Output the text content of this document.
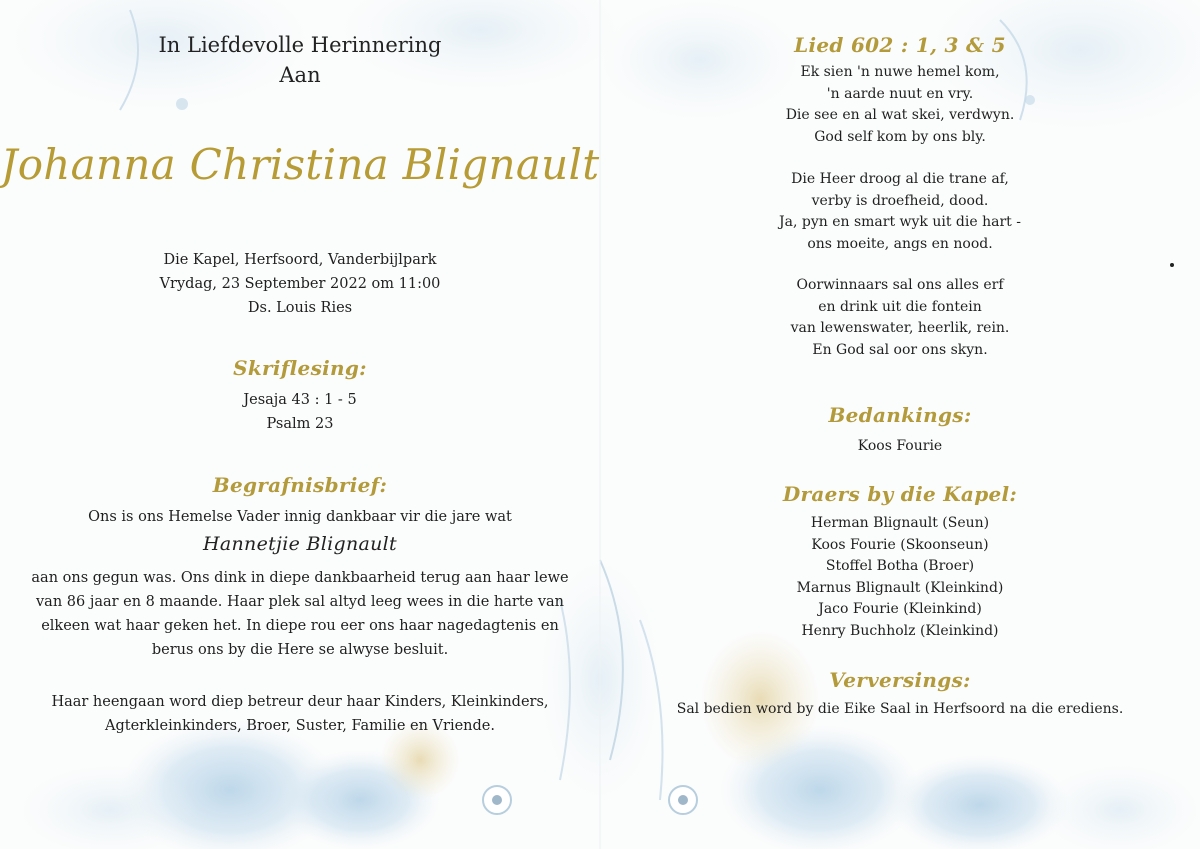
In Liefdevolle Herinnering
Aan
Johanna Christina Blignault
Die Kapel, Herfsoord, Vanderbijlpark
Vrydag, 23 September 2022 om 11:00
Ds. Louis Ries
Skriflesing:
Jesaja 43 : 1 - 5
Psalm 23
Begrafnisbrief:
Ons is ons Hemelse Vader innig dankbaar vir die jare wat
Hannetjie Blignault
aan ons gegun was. Ons dink in diepe dankbaarheid terug aan haar lewe
van 86 jaar en 8 maande. Haar plek sal altyd leeg wees in die harte van
elkeen wat haar geken het. In diepe rou eer ons haar nagedagtenis en
berus ons by die Here se alwyse besluit.
Haar heengaan word diep betreur deur haar Kinders, Kleinkinders,
Agterkleinkinders, Broer, Suster, Familie en Vriende.
Lied 602 : 1, 3 & 5
Ek sien 'n nuwe hemel kom,
'n aarde nuut en vry.
Die see en al wat skei, verdwyn.
God self kom by ons bly.
Die Heer droog al die trane af,
verby is droefheid, dood.
Ja, pyn en smart wyk uit die hart -
ons moeite, angs en nood.
Oorwinnaars sal ons alles erf
en drink uit die fontein
van lewenswater, heerlik, rein.
En God sal oor ons skyn.
Bedankings:
Koos Fourie
Draers by die Kapel:
Herman Blignault (Seun)
Koos Fourie (Skoonseun)
Stoffel Botha (Broer)
Marnus Blignault (Kleinkind)
Jaco Fourie (Kleinkind)
Henry Buchholz (Kleinkind)
Verversings:
Sal bedien word by die Eike Saal in Herfsoord na die erediens.
